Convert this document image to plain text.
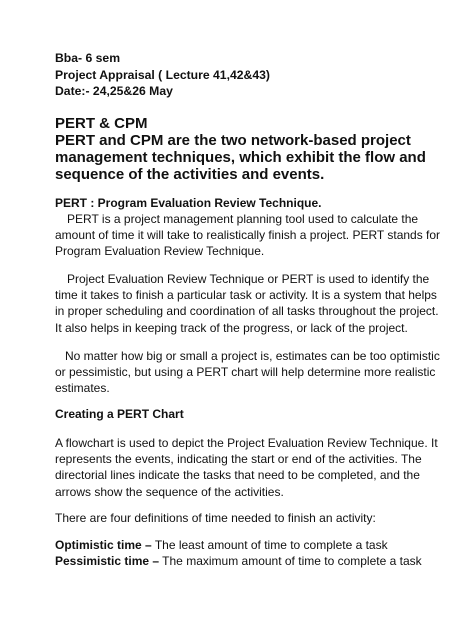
Bba- 6 sem
Project Appraisal ( Lecture 41,42&43)
Date:- 24,25&26 May
PERT & CPM
PERT and CPM are the two network-based project management techniques, which exhibit the flow and sequence of the activities and events.
PERT : Program Evaluation Review Technique.
PERT is a project management planning tool used to calculate the amount of time it will take to realistically finish a project. PERT stands for Program Evaluation Review Technique.
Project Evaluation Review Technique or PERT is used to identify the time it takes to finish a particular task or activity. It is a system that helps in proper scheduling and coordination of all tasks throughout the project. It also helps in keeping track of the progress, or lack of the project.
No matter how big or small a project is, estimates can be too optimistic or pessimistic, but using a PERT chart will help determine more realistic estimates.
Creating a PERT Chart
A flowchart is used to depict the Project Evaluation Review Technique. It represents the events, indicating the start or end of the activities. The directorial lines indicate the tasks that need to be completed, and the arrows show the sequence of the activities.
There are four definitions of time needed to finish an activity:
Optimistic time – The least amount of time to complete a task
Pessimistic time – The maximum amount of time to complete a task
